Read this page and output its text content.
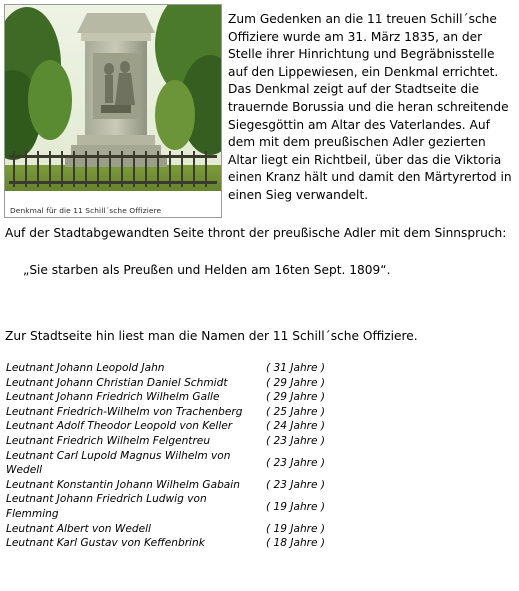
Denkmal für die 11 Schill´sche Offiziere

Zum Gedenken an die 11 treuen Schill´sche Offiziere wurde am 31. März 1835, an der Stelle ihrer Hinrichtung und Begräbnisstelle auf den Lippewiesen, ein Denkmal errichtet. Das Denkmal zeigt auf der Stadtseite die trauernde Borussia und die heran schreitende Siegesgöttin am Altar des Vaterlandes. Auf dem mit dem preußischen Adler gezierten Altar liegt ein Richtbeil, über das die Viktoria einen Kranz hält und damit den Märtyrertod in einen Sieg verwandelt.

Auf der Stadtabgewandten Seite thront der preußische Adler mit dem Sinnspruch:

„Sie starben als Preußen und Helden am 16ten Sept. 1809“.

Zur Stadtseite hin liest man die Namen der 11 Schill´sche Offiziere.

Leutnant Johann Leopold Jahn	( 31 Jahre )
Leutnant Johann Christian Daniel Schmidt	( 29 Jahre )
Leutnant Johann Friedrich Wilhelm Galle	( 29 Jahre )
Leutnant Friedrich-Wilhelm von Trachenberg	( 25 Jahre )
Leutnant Adolf Theodor Leopold von Keller	( 24 Jahre )
Leutnant Friedrich Wilhelm Felgentreu	( 23 Jahre )
Leutnant Carl Lupold Magnus Wilhelm von Wedell	( 23 Jahre )
Leutnant Konstantin Johann Wilhelm Gabain	( 23 Jahre )
Leutnant Johann Friedrich Ludwig von Flemming	( 19 Jahre )
Leutnant Albert von Wedell	( 19 Jahre )
Leutnant Karl Gustav von Keffenbrink	( 18 Jahre )
